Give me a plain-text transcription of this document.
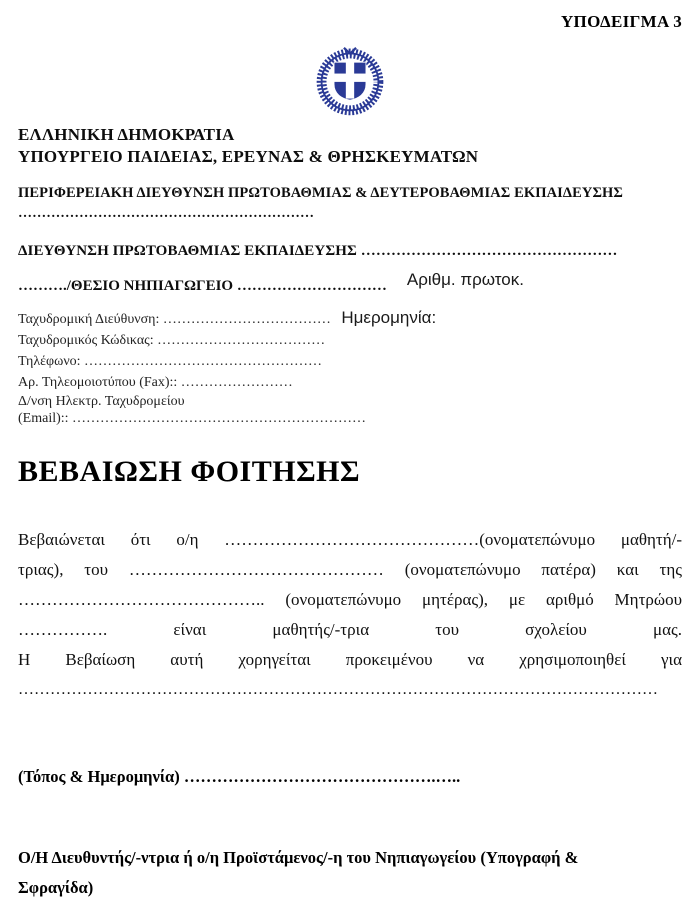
ΥΠΟΔΕΙΓΜΑ 3
ΕΛΛΗΝΙΚΗ ΔΗΜΟΚΡΑΤΙΑ
ΥΠΟΥΡΓΕΙΟ ΠΑΙΔΕΙΑΣ, ΕΡΕΥΝΑΣ & ΘΡΗΣΚΕΥΜΑΤΩΝ
ΠΕΡΙΦΕΡΕΙΑΚΗ ΔΙΕΥΘΥΝΣΗ ΠΡΩΤΟΒΑΘΜΙΑΣ & ΔΕΥΤΕΡΟΒΑΘΜΙΑΣ ΕΚΠΑΙΔΕΥΣΗΣ
………………………………………………………
ΔΙΕΥΘΥΝΣΗ ΠΡΩΤΟΒΑΘΜΙΑΣ ΕΚΠΑΙΔΕΥΣΗΣ ……………………………………………
………./ΘΕΣΙΟ ΝΗΠΙΑΓΩΓΕΙΟ ………………………… Αριθμ. πρωτοκ.
Ταχυδρομική Διεύθυνση: ……………………………… Ημερομηνία:
Ταχυδρομικός Κώδικας: ………………………………
Τηλέφωνο: ……………………………………………
Αρ. Τηλεομοιοτύπου (Fax):: ……………………
Δ/νση Ηλεκτρ. Ταχυδρομείου
(Email):: ………………………………………………………
ΒΕΒΑΙΩΣΗ ΦΟΙΤΗΣΗΣ
Βεβαιώνεται ότι ο/η ………………………………………(ονοματεπώνυμο μαθητή/-
τριας), του ……………………………………… (ονοματεπώνυμο πατέρα) και της
…………………………………….. (ονοματεπώνυμο μητέρας), με αριθμό Μητρώου
……………. είναι μαθητής/-τρια του σχολείου μας.
Η Βεβαίωση αυτή χορηγείται προκειμένου να χρησιμοποιηθεί για
…………………………………………………………………………………………………………
(Τόπος & Ημερομηνία) ……………………………………….…..
Ο/Η Διευθυντής/-ντρια ή ο/η Προϊστάμενος/-η του Νηπιαγωγείου (Υπογραφή &
Σφραγίδα)
